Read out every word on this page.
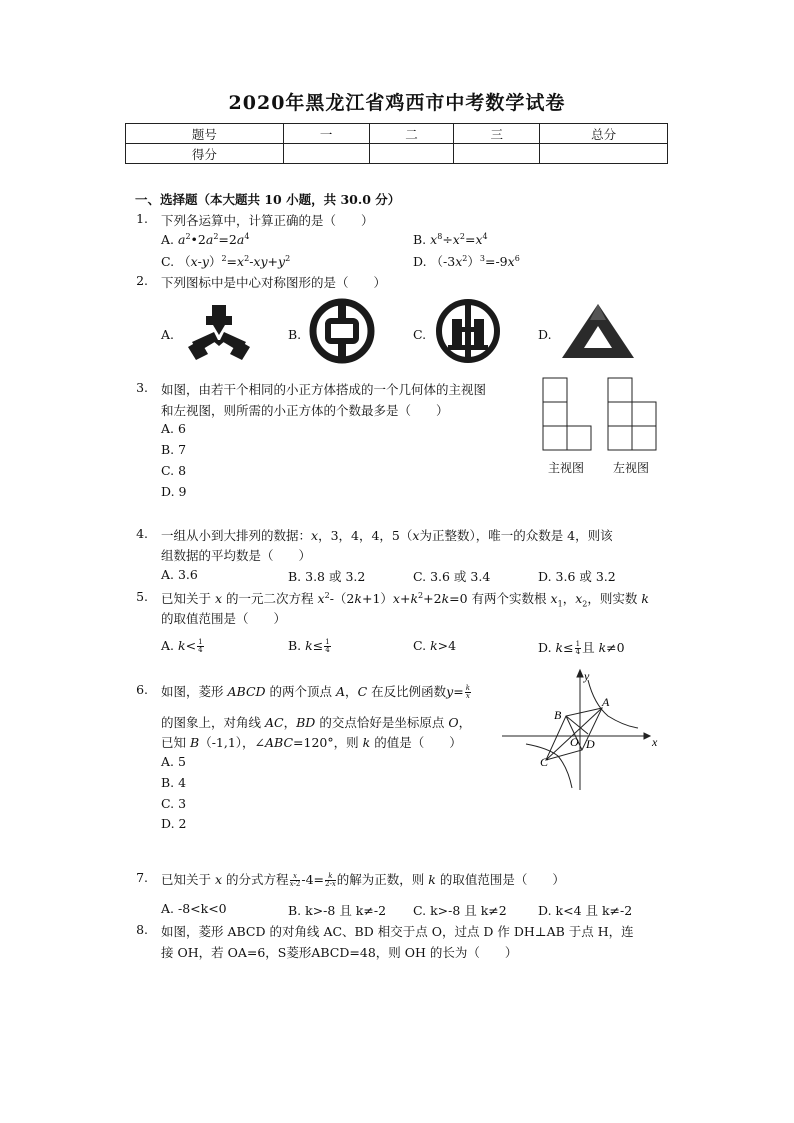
2020年黑龙江省鸡西市中考数学试卷
题号	一	二	三	总分
得分				
一、选择题（本大题共 10 小题，共 30.0 分）
1. 下列各运算中，计算正确的是（　　）
A. $a^2•2a^2=2a^4$	B. $x^8\div x^2=x^4$
C. $(x-y)^2=x^2-xy+y^2$	D. $(-3x^2)^3=-9x^6$
2. 下列图标中是中心对称图形的是（　　）
A.	B.	C.	D.
3. 如图，由若干个相同的小正方体搭成的一个几何体的主视图
和左视图，则所需的小正方体的个数最多是（　　）
A. 6
B. 7
C. 8
D. 9
主视图 左视图
4. 一组从小到大排列的数据：x，3，4，4，5（x为正整数），唯一的众数是 4，则该
组数据的平均数是（　　）
A. 3.6	B. 3.8 或 3.2	C. 3.6 或 3.4	D. 3.6 或 3.2
5. 已知关于 x 的一元二次方程 $x^2-(2k+1)x+k^2+2k=0$ 有两个实数根 $x_1$，$x_2$，则实数 k
的取值范围是（　　）
A. $k< \frac{1}{4}$	B. $k\le \frac{1}{4}$	C. k>4	D. $k\le \frac{1}{4}$ 且 k≠0
6. 如图，菱形 ABCD 的两个顶点 A，C 在反比例函数$y= \frac{k}{x}$
的图象上，对角线 AC，BD 的交点恰好是坐标原点 O，
已知 B（-1,1），∠ABC=120°，则 k 的值是（　　）
A. 5
B. 4
C. 3
D. 2
y
x
A
B
C
D
O
7. 已知关于 x 的分式方程 $\frac{x}{x-2} -4= \frac{k}{2-x}$ 的解为正数，则 k 的取值范围是（　　）
A. -8<k<0	B. k>-8 且 k≠-2 C. k>-8 且 k≠2	D. k<4 且 k≠-2
8. 如图，菱形 ABCD 的对角线 AC、BD 相交于点 O，过点 D 作 DH⊥AB 于点 H，连
接 OH，若 OA=6，S菱形ABCD=48，则 OH 的长为（　　）
